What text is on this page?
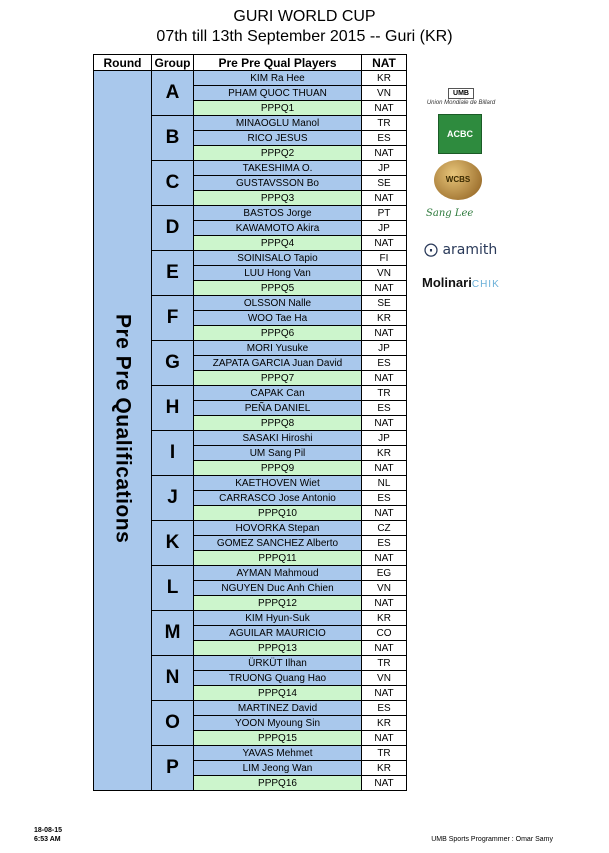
GURI WORLD CUP
07th till 13th September 2015 -- Guri (KR)
Round	Group	Pre Pre Qual Players	NAT
Pre Pre Qualifications	A	KIM Ra Hee	KR
		PHAM QUOC THUAN	VN
		PPPQ1	NAT
	B	MINAOGLU Manol	TR
		RICO JESUS	ES
		PPPQ2	NAT
	C	TAKESHIMA O.	JP
		GUSTAVSSON Bo	SE
		PPPQ3	NAT
	D	BASTOS Jorge	PT
		KAWAMOTO Akira	JP
		PPPQ4	NAT
	E	SOINISALO Tapio	FI
		LUU Hong Van	VN
		PPPQ5	NAT
	F	OLSSON Nalle	SE
		WOO Tae Ha	KR
		PPPQ6	NAT
	G	MORI Yusuke	JP
		ZAPATA GARCIA Juan David	ES
		PPPQ7	NAT
	H	CAPAK Can	TR
		PEÑA DANIEL	ES
		PPPQ8	NAT
	I	SASAKI Hiroshi	JP
		UM Sang Pil	KR
		PPPQ9	NAT
	J	KAETHOVEN Wiet	NL
		CARRASCO Jose Antonio	ES
		PPPQ10	NAT
	K	HOVORKA Stepan	CZ
		GOMEZ SANCHEZ Alberto	ES
		PPPQ11	NAT
	L	AYMAN Mahmoud	EG
		NGUYEN Duc Anh Chien	VN
		PPPQ12	NAT
	M	KIM Hyun-Suk	KR
		AGUILAR MAURICIO	CO
		PPPQ13	NAT
	N	ÜRKÜT Ilhan	TR
		TRUONG Quang Hao	VN
		PPPQ14	NAT
	O	MARTINEZ David	ES
		YOON Myoung Sin	KR
		PPPQ15	NAT
	P	YAVAS Mehmet	TR
		LIM Jeong Wan	KR
		PPPQ16	NAT
UMB
Union Mondiale de Billard
ACBC
WCBS
Sang Lee
⨀ aramith
MolinariCHIK
18-08-15
6:53 AM	UMB Sports Programmer : Omar Samy
